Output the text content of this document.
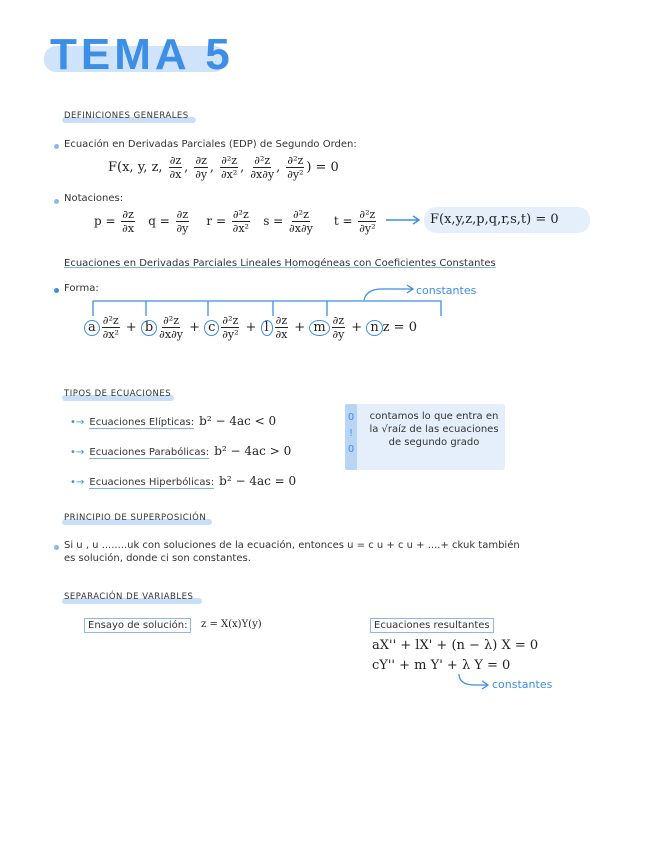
TEMA 5
DEFINICIONES GENERALES
Ecuación en Derivadas Parciales (EDP) de Segundo Orden:
F(x, y, z, $\frac{\partial z}{\partial x}$ , $\frac{\partial z}{\partial y}$ , $\frac{\text{∂²z}}{\text{∂x²}}$ , $\frac{\text{∂²z}}{\partial x\partial y}$ , $\frac{\text{∂²z}}{\text{∂y²}}$ ) = 0
Notaciones:
$p = \frac{\partial z}{\partial x}$ $q = \frac{\partial z}{\partial y}$ $r = \frac{\text{∂²z}}{\text{∂x²}}$ $s = \frac{\text{∂²z}}{\partial x\partial y}$ $t = \frac{\text{∂²z}}{\text{∂y²}}$	F(x,y,z,p,q,r,s,t) = 0
Ecuaciones en Derivadas Parciales Lineales Homogéneas con Coeficientes Constantes
Forma:	constantes
a $\frac{\text{∂²z}}{\text{∂x²}} + b \frac{\text{∂²z}}{\partial x\partial y} + c \frac{\text{∂²z}}{\text{∂y²}} + l \frac{\partial z}{\partial x} + m \frac{\partial z}{\partial y} + n$ z = 0
TIPOS DE ECUACIONES
•→ Ecuaciones Elípticas: b² − 4ac < 0
•→ Ecuaciones Parabólicas: b² − 4ac > 0
•→ Ecuaciones Hiperbólicas: b² − 4ac = 0
0
!
0
contamos lo que entra en la √raíz de las ecuaciones de segundo grado
PRINCIPIO DE SUPERPOSICIÓN
Si u , u ........uk con soluciones de la ecuación, entonces u = c u + c u + ....+ ckuk también
es solución, donde ci son constantes.
SEPARACIÓN DE VARIABLES
Ensayo de solución:	z = X(x)Y(y)	Ecuaciones resultantes
aX'' + lX' + (n − λ) X = 0
cY'' + m Y' + λ Y = 0
constantes
